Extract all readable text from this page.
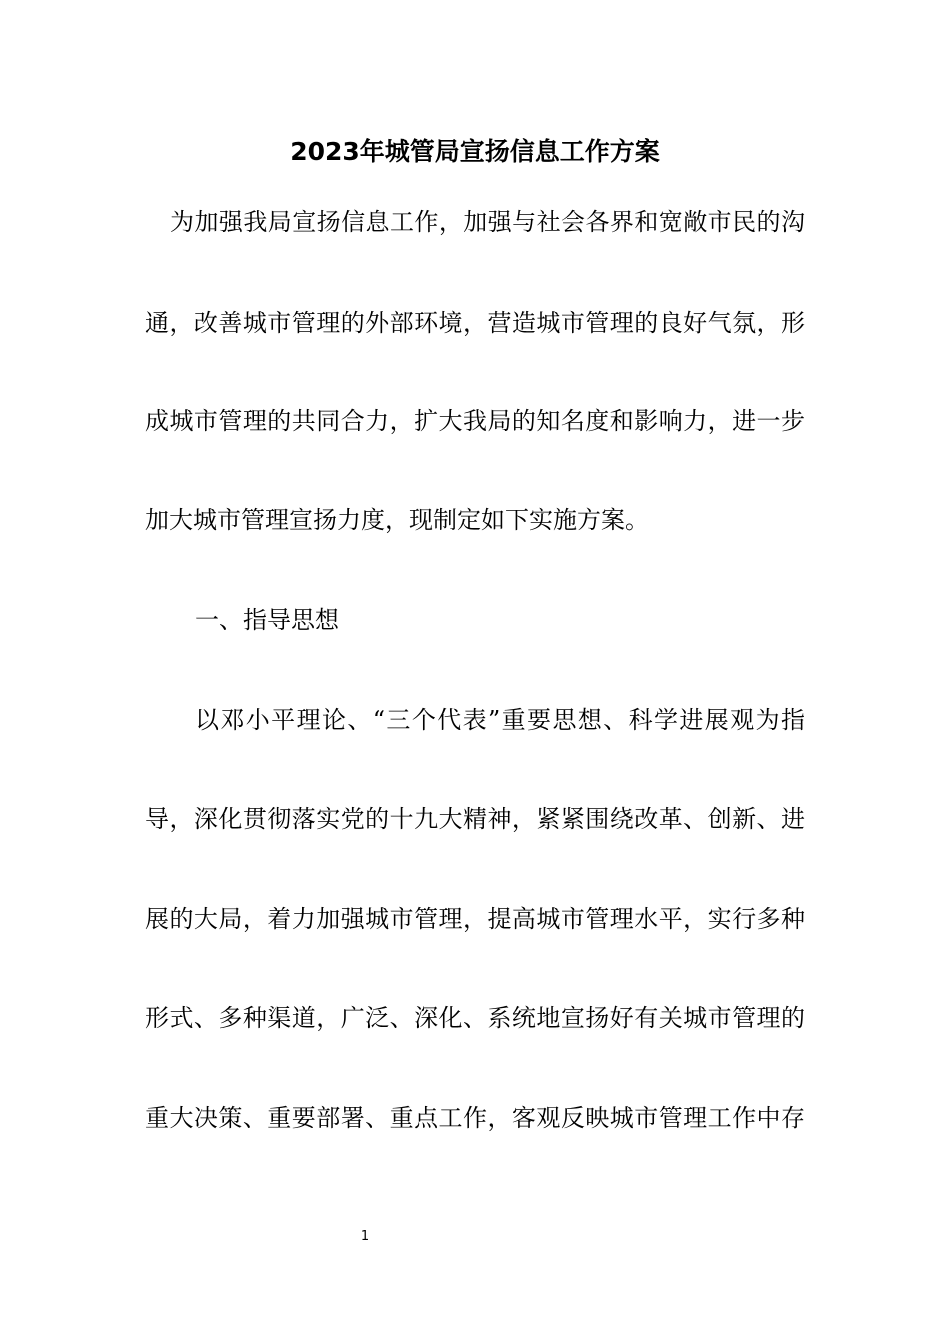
2023年城管局宣扬信息工作方案
为加强我局宣扬信息工作，加强与社会各界和宽敞市民的沟
通，改善城市管理的外部环境，营造城市管理的良好气氛，形
成城市管理的共同合力，扩大我局的知名度和影响力，进一步
加大城市管理宣扬力度，现制定如下实施方案。
一、指导思想
以邓小平理论、“三个代表”重要思想、科学进展观为指
导，深化贯彻落实党的十九大精神，紧紧围绕改革、创新、进
展的大局，着力加强城市管理，提高城市管理水平，实行多种
形式、多种渠道，广泛、深化、系统地宣扬好有关城市管理的
重大决策、重要部署、重点工作，客观反映城市管理工作中存
1
